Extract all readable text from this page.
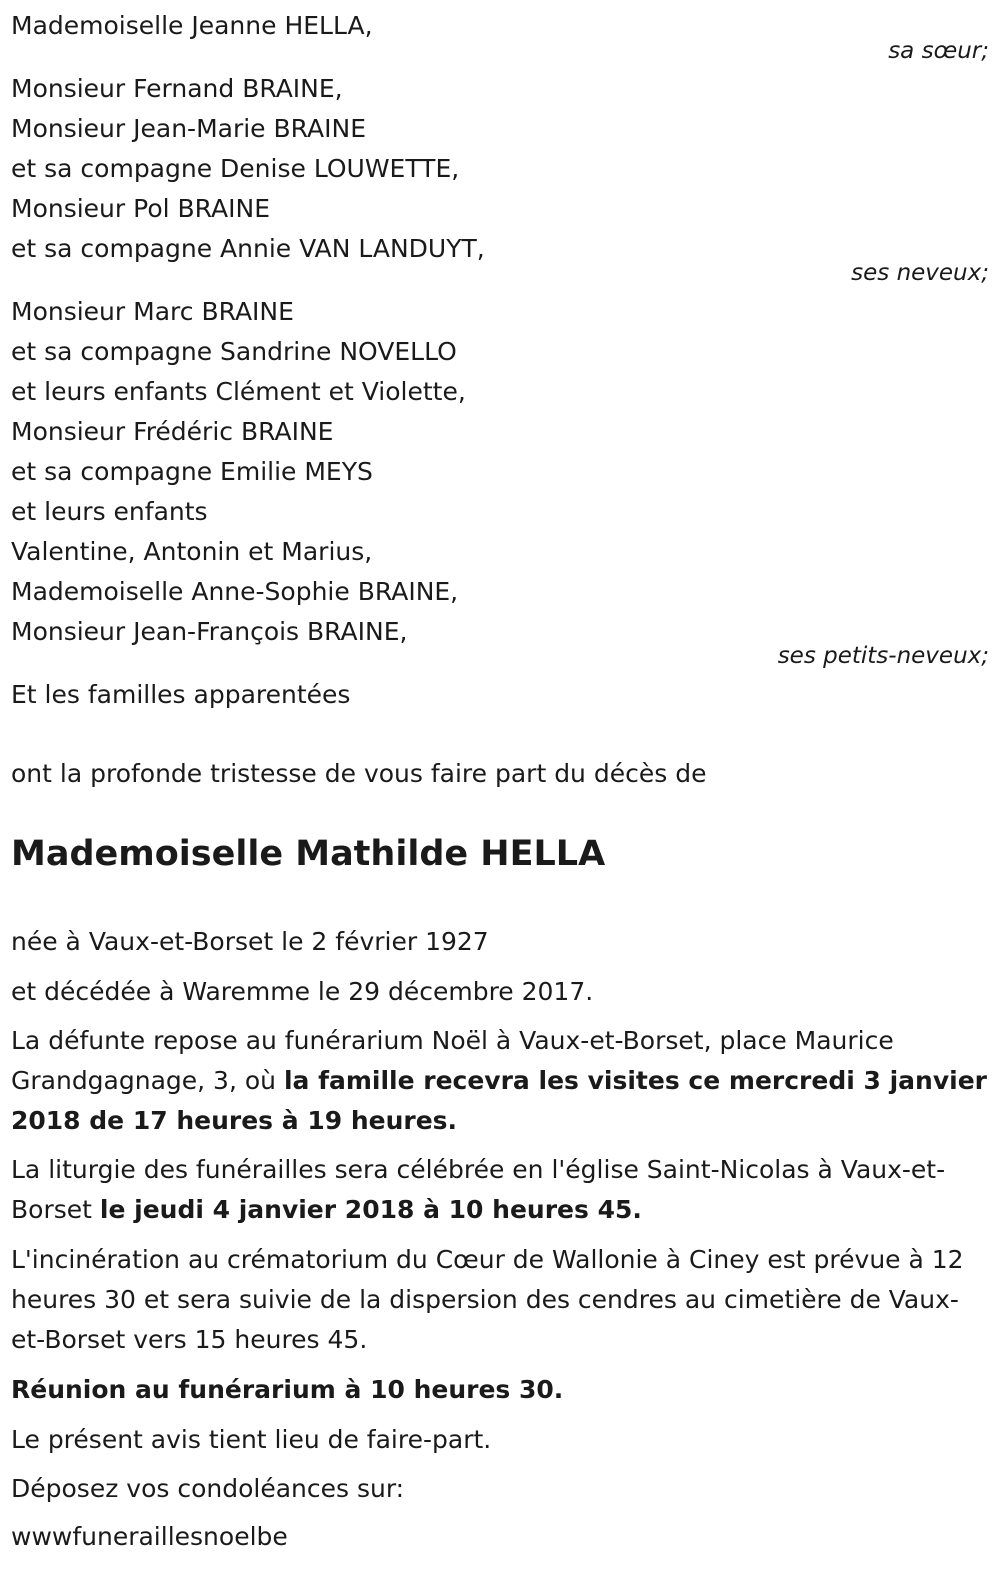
Mademoiselle Jeanne HELLA,
sa sœur;
Monsieur Fernand BRAINE,
Monsieur Jean-Marie BRAINE
et sa compagne Denise LOUWETTE,
Monsieur Pol BRAINE
et sa compagne Annie VAN LANDUYT,
ses neveux;
Monsieur Marc BRAINE
et sa compagne Sandrine NOVELLO
et leurs enfants Clément et Violette,
Monsieur Frédéric BRAINE
et sa compagne Emilie MEYS
et leurs enfants
Valentine, Antonin et Marius,
Mademoiselle Anne-Sophie BRAINE,
Monsieur Jean-François BRAINE,
ses petits-neveux;
Et les familles apparentées
ont la profonde tristesse de vous faire part du décès de
Mademoiselle Mathilde HELLA
née à Vaux-et-Borset le 2 février 1927
et décédée à Waremme le 29 décembre 2017.
La défunte repose au funérarium Noël à Vaux-et-Borset, place Maurice Grandgagnage, 3, où la famille recevra les visites ce mercredi 3 janvier 2018 de 17 heures à 19 heures.
La liturgie des funérailles sera célébrée en l'église Saint-Nicolas à Vaux-et-Borset le jeudi 4 janvier 2018 à 10 heures 45.
L'incinération au crématorium du Cœur de Wallonie à Ciney est prévue à 12 heures 30 et sera suivie de la dispersion des cendres au cimetière de Vaux-et-Borset vers 15 heures 45.
Réunion au funérarium à 10 heures 30.
Le présent avis tient lieu de faire-part.
Déposez vos condoléances sur:
wwwfuneraillesnoelbe
